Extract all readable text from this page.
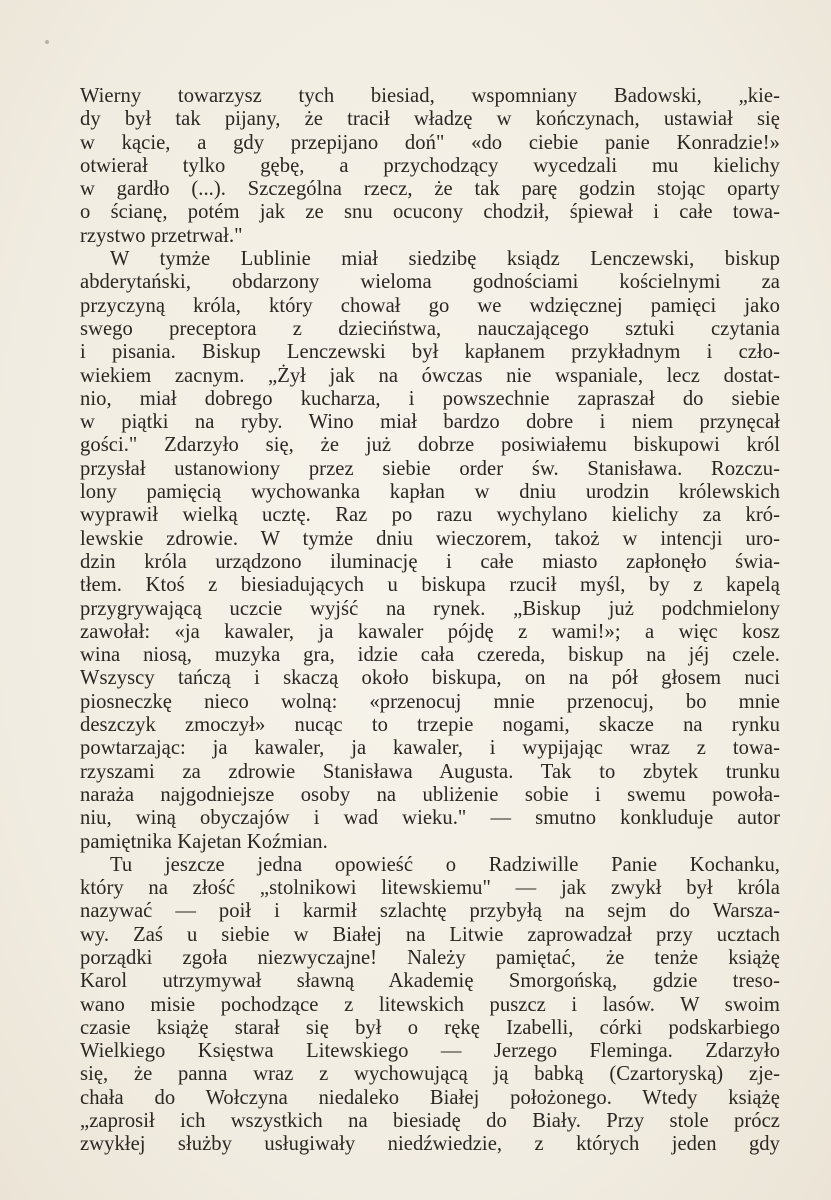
Wierny towarzysz tych biesiad, wspomniany Badowski, „kie-
dy był tak pijany, że tracił władzę w kończynach, ustawiał się
w kącie, a gdy przepijano doń" «do ciebie panie Konradzie!»
otwierał tylko gębę, a przychodzący wycedzali mu kielichy
w gardło (...). Szczególna rzecz, że tak parę godzin stojąc oparty
o ścianę, potém jak ze snu ocucony chodził, śpiewał i całe towa-
rzystwo przetrwał."
W tymże Lublinie miał siedzibę ksiądz Lenczewski, biskup
abderytański, obdarzony wieloma godnościami kościelnymi za
przyczyną króla, który chował go we wdzięcznej pamięci jako
swego preceptora z dzieciństwa, nauczającego sztuki czytania
i pisania. Biskup Lenczewski był kapłanem przykładnym i czło-
wiekiem zacnym. „Żył jak na ówczas nie wspaniale, lecz dostat-
nio, miał dobrego kucharza, i powszechnie zapraszał do siebie
w piątki na ryby. Wino miał bardzo dobre i niem przynęcał
gości." Zdarzyło się, że już dobrze posiwiałemu biskupowi król
przysłał ustanowiony przez siebie order św. Stanisława. Rozczu-
lony pamięcią wychowanka kapłan w dniu urodzin królewskich
wyprawił wielką ucztę. Raz po razu wychylano kielichy za kró-
lewskie zdrowie. W tymże dniu wieczorem, takoż w intencji uro-
dzin króla urządzono iluminację i całe miasto zapłonęło świa-
tłem. Ktoś z biesiadujących u biskupa rzucił myśl, by z kapelą
przygrywającą uczcie wyjść na rynek. „Biskup już podchmielony
zawołał: «ja kawaler, ja kawaler pójdę z wami!»; a więc kosz
wina niosą, muzyka gra, idzie cała czereda, biskup na jéj czele.
Wszyscy tańczą i skaczą około biskupa, on na pół głosem nuci
piosneczkę nieco wolną: «przenocuj mnie przenocuj, bo mnie
deszczyk zmoczył» nucąc to trzepie nogami, skacze na rynku
powtarzając: ja kawaler, ja kawaler, i wypijając wraz z towa-
rzyszami za zdrowie Stanisława Augusta. Tak to zbytek trunku
naraża najgodniejsze osoby na ubliżenie sobie i swemu powoła-
niu, winą obyczajów i wad wieku." — smutno konkluduje autor
pamiętnika Kajetan Koźmian.
Tu jeszcze jedna opowieść o Radziwille Panie Kochanku,
który na złość „stolnikowi litewskiemu" — jak zwykł był króla
nazywać — poił i karmił szlachtę przybyłą na sejm do Warsza-
wy. Zaś u siebie w Białej na Litwie zaprowadzał przy ucztach
porządki zgoła niezwyczajne! Należy pamiętać, że tenże książę
Karol utrzymywał sławną Akademię Smorgońską, gdzie treso-
wano misie pochodzące z litewskich puszcz i lasów. W swoim
czasie książę starał się był o rękę Izabelli, córki podskarbiego
Wielkiego Księstwa Litewskiego — Jerzego Fleminga. Zdarzyło
się, że panna wraz z wychowującą ją babką (Czartoryską) zje-
chała do Wołczyna niedaleko Białej położonego. Wtedy książę
„zaprosił ich wszystkich na biesiadę do Biały. Przy stole prócz
zwykłej służby usługiwały niedźwiedzie, z których jeden gdy
